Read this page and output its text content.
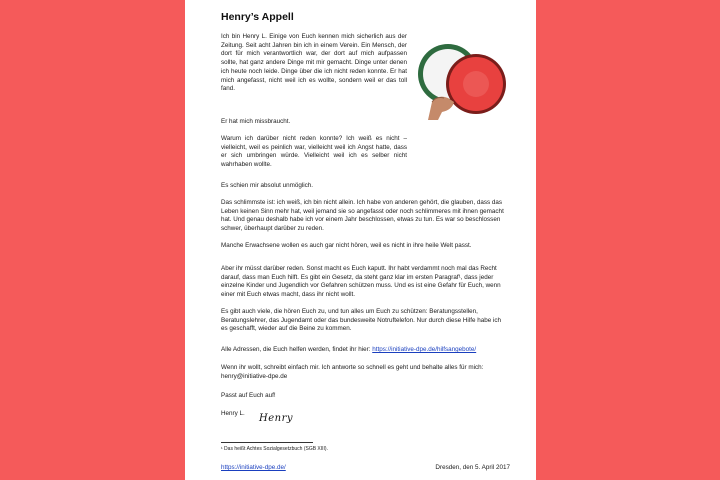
Henry’s Appell

Ich bin Henry L. Einige von Euch kennen mich sicherlich aus der Zeitung. Seit acht Jahren bin ich in einem Verein. Ein Mensch, der dort für mich verantwortlich war, der dort auf mich aufpassen sollte, hat ganz andere Dinge mit mir gemacht. Dinge unter denen ich heute noch leide. Dinge über die ich nicht reden konnte. Er hat mich angefasst, nicht weil ich es wollte, sondern weil er das toll fand.

Er hat mich missbraucht.

Warum ich darüber nicht reden konnte? Ich weiß es nicht – vielleicht, weil es peinlich war, vielleicht weil ich Angst hatte, dass er sich umbringen würde. Vielleicht weil ich es selber nicht wahrhaben wollte.

Es schien mir absolut unmöglich.

Das schlimmste ist: ich weiß, ich bin nicht allein. Ich habe von anderen gehört, die glauben, dass das Leben keinen Sinn mehr hat, weil jemand sie so angefasst oder noch schlimmeres mit ihnen gemacht hat. Und genau deshalb habe ich vor einem Jahr beschlossen, etwas zu tun. Es war so beschlossen schwer, überhaupt darüber zu reden.

Manche Erwachsene wollen es auch gar nicht hören, weil es nicht in ihre heile Welt passt.

Aber ihr müsst darüber reden. Sonst macht es Euch kaputt. Ihr habt verdammt noch mal das Recht darauf, dass man Euch hilft. Es gibt ein Gesetz, da steht ganz klar im ersten Paragraf¹, dass jeder einzelne Kinder und Jugendlich vor Gefahren schützen muss. Und es ist eine Gefahr für Euch, wenn einer mit Euch etwas macht, dass ihr nicht wollt.

Es gibt auch viele, die hören Euch zu, und tun alles um Euch zu schützen: Beratungsstellen, Beratungslehrer, das Jugendamt oder das bundesweite Notruftelefon. Nur durch diese Hilfe habe ich es geschafft, wieder auf die Beine zu kommen.

Alle Adressen, die Euch helfen werden, findet ihr hier: https://initiative-dpe.de/hilfsangebote/

Wenn ihr wollt, schreibt einfach mir. Ich antworte so schnell es geht und behalte alles für mich: henry@initiative-dpe.de

Passt auf Euch auf!

Henry L.	Henry
¹ Das heißt Achtes Sozialgesetzbuch (SGB XIII).
https://initiative-dpe.de/	Dresden, den 5. April 2017
